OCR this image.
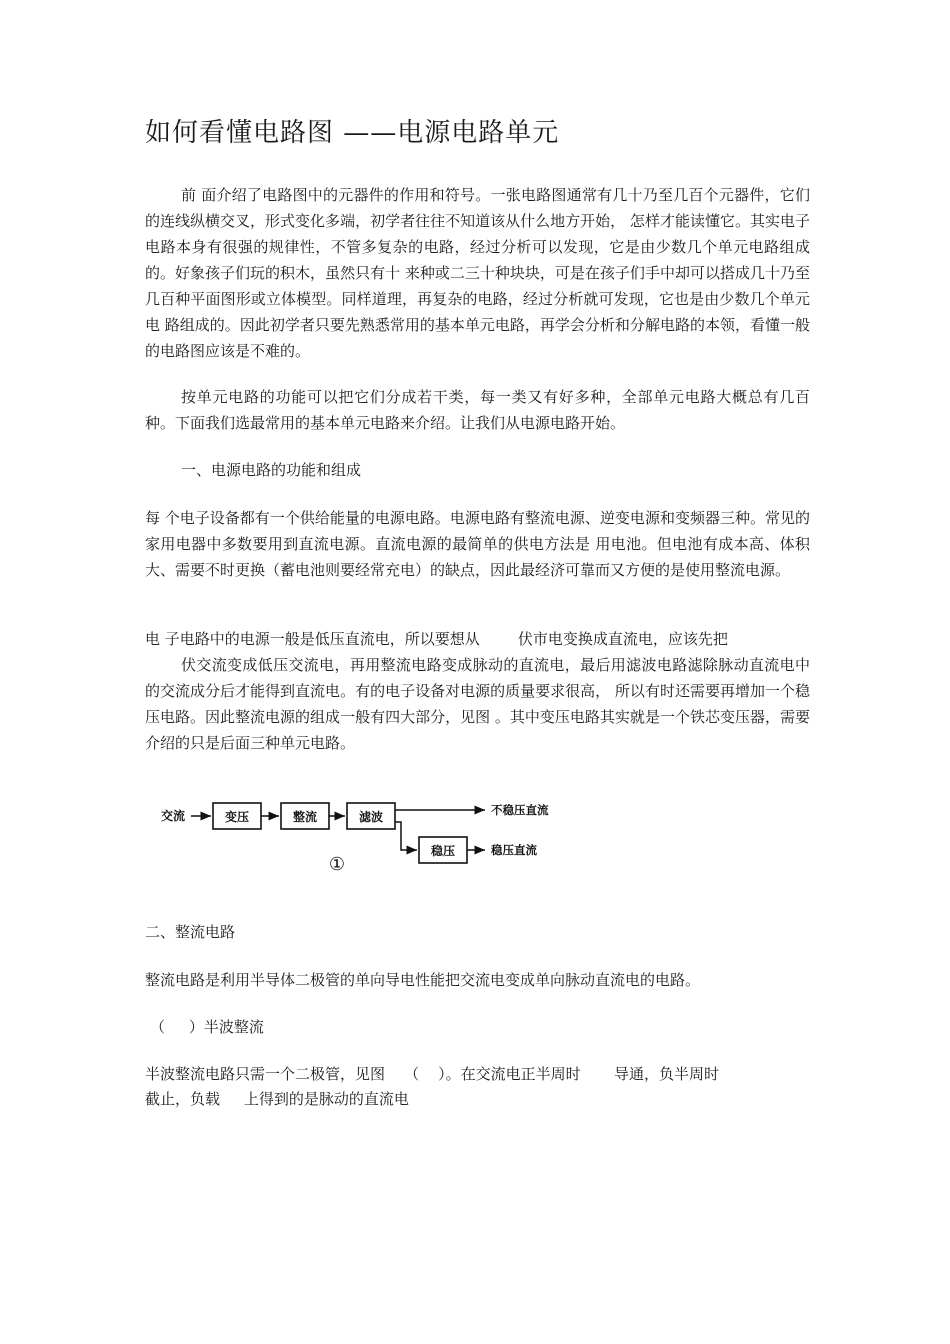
如何看懂电路图 ——电源电路单元

前 面介绍了电路图中的元器件的作用和符号。一张电路图通常有几十乃至几百个元器件，它们的连线纵横交叉，形式变化多端，初学者往往不知道该从什么地方开始， 怎样才能读懂它。其实电子电路本身有很强的规律性，不管多复杂的电路，经过分析可以发现，它是由少数几个单元电路组成的。好象孩子们玩的积木，虽然只有十 来种或二三十种块块，可是在孩子们手中却可以搭成几十乃至几百种平面图形或立体模型。同样道理，再复杂的电路，经过分析就可发现，它也是由少数几个单元电 路组成的。因此初学者只要先熟悉常用的基本单元电路，再学会分析和分解电路的本领，看懂一般的电路图应该是不难的。

按单元电路的功能可以把它们分成若干类，每一类又有好多种，全部单元电路大概总有几百种。下面我们选最常用的基本单元电路来介绍。让我们从电源电路开始。

一、电源电路的功能和组成

每 个电子设备都有一个供给能量的电源电路。电源电路有整流电源、逆变电源和变频器三种。常见的家用电器中多数要用到直流电源。直流电源的最简单的供电方法是 用电池。但电池有成本高、体积大、需要不时更换（蓄电池则要经常充电）的缺点，因此最经济可靠而又方便的是使用整流电源。

电 子电路中的电源一般是低压直流电，所以要想从        伏市电变换成直流电，应该先把

伏交流变成低压交流电，再用整流电路变成脉动的直流电，最后用滤波电路滤除脉动直流电中的交流成分后才能得到直流电。有的电子设备对电源的质量要求很高， 所以有时还需要再增加一个稳压电路。因此整流电源的组成一般有四大部分，见图 。其中变压电路其实就是一个铁芯变压器，需要介绍的只是后面三种单元电路。

交流	变压	整流	滤波	不稳压直流
稳压	稳压直流
①
二、整流电路

整流电路是利用半导体二极管的单向导电性能把交流电变成单向脉动直流电的电路。

（     ）半波整流

半波整流电路只需一个二极管，见图    （    ）。在交流电正半周时       导通，负半周时

截止，负载     上得到的是脉动的直流电
